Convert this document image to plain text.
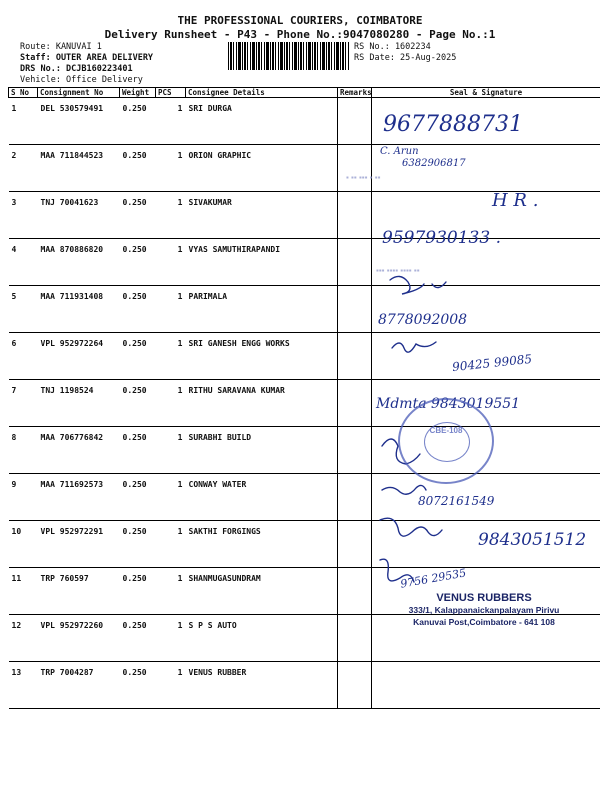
THE PROFESSIONAL COURIERS, COIMBATORE
Delivery Runsheet - P43 - Phone No.:9047080280 - Page No.:1
Route: KANUVAI 1
Staff: OUTER AREA DELIVERY
DRS No.: DCJB160223401
Vehicle: Office Delivery
RS No.: 1602234
RS Date: 25-Aug-2025
S No	Consignment No	Weight	PCS	Consignee Details	Remarks	Seal & Signature
1	DEL 530579491	0.250	1	SRI DURGA		
2	MAA 711844523	0.250	1	ORION GRAPHIC		
3	TNJ 70041623	0.250	1	SIVAKUMAR		
4	MAA 870886820	0.250	1	VYAS SAMUTHIRAPANDI		
5	MAA 711931408	0.250	1	PARIMALA		
6	VPL 952972264	0.250	1	SRI GANESH ENGG WORKS		
7	TNJ 1198524	0.250	1	RITHU SARAVANA KUMAR		
8	MAA 706776842	0.250	1	SURABHI BUILD		
9	MAA 711692573	0.250	1	CONWAY WATER		
10	VPL 952972291	0.250	1	SAKTHI FORGINGS		
11	TRP 760597	0.250	1	SHANMUGASUNDRAM		
12	VPL 952972260	0.250	1	S P S AUTO		
13	TRP 7004287	0.250	1	VENUS RUBBER		
9677888731
C. Arun
6382906817
H R .
9597930133 .
8778092008
90425 99085
Mdmta 9843019551
8072161549
9843051512
9756 29535
▪ ▪▪ ▪▪▪ ▪ ▪▪
▪▪▪ ▪▪▪▪ ▪▪▪▪ ▪▪
CBE-108
VENUS RUBBERS
333/1, Kalappanaickanpalayam Pirivu
Kanuvai Post,Coimbatore - 641 108
